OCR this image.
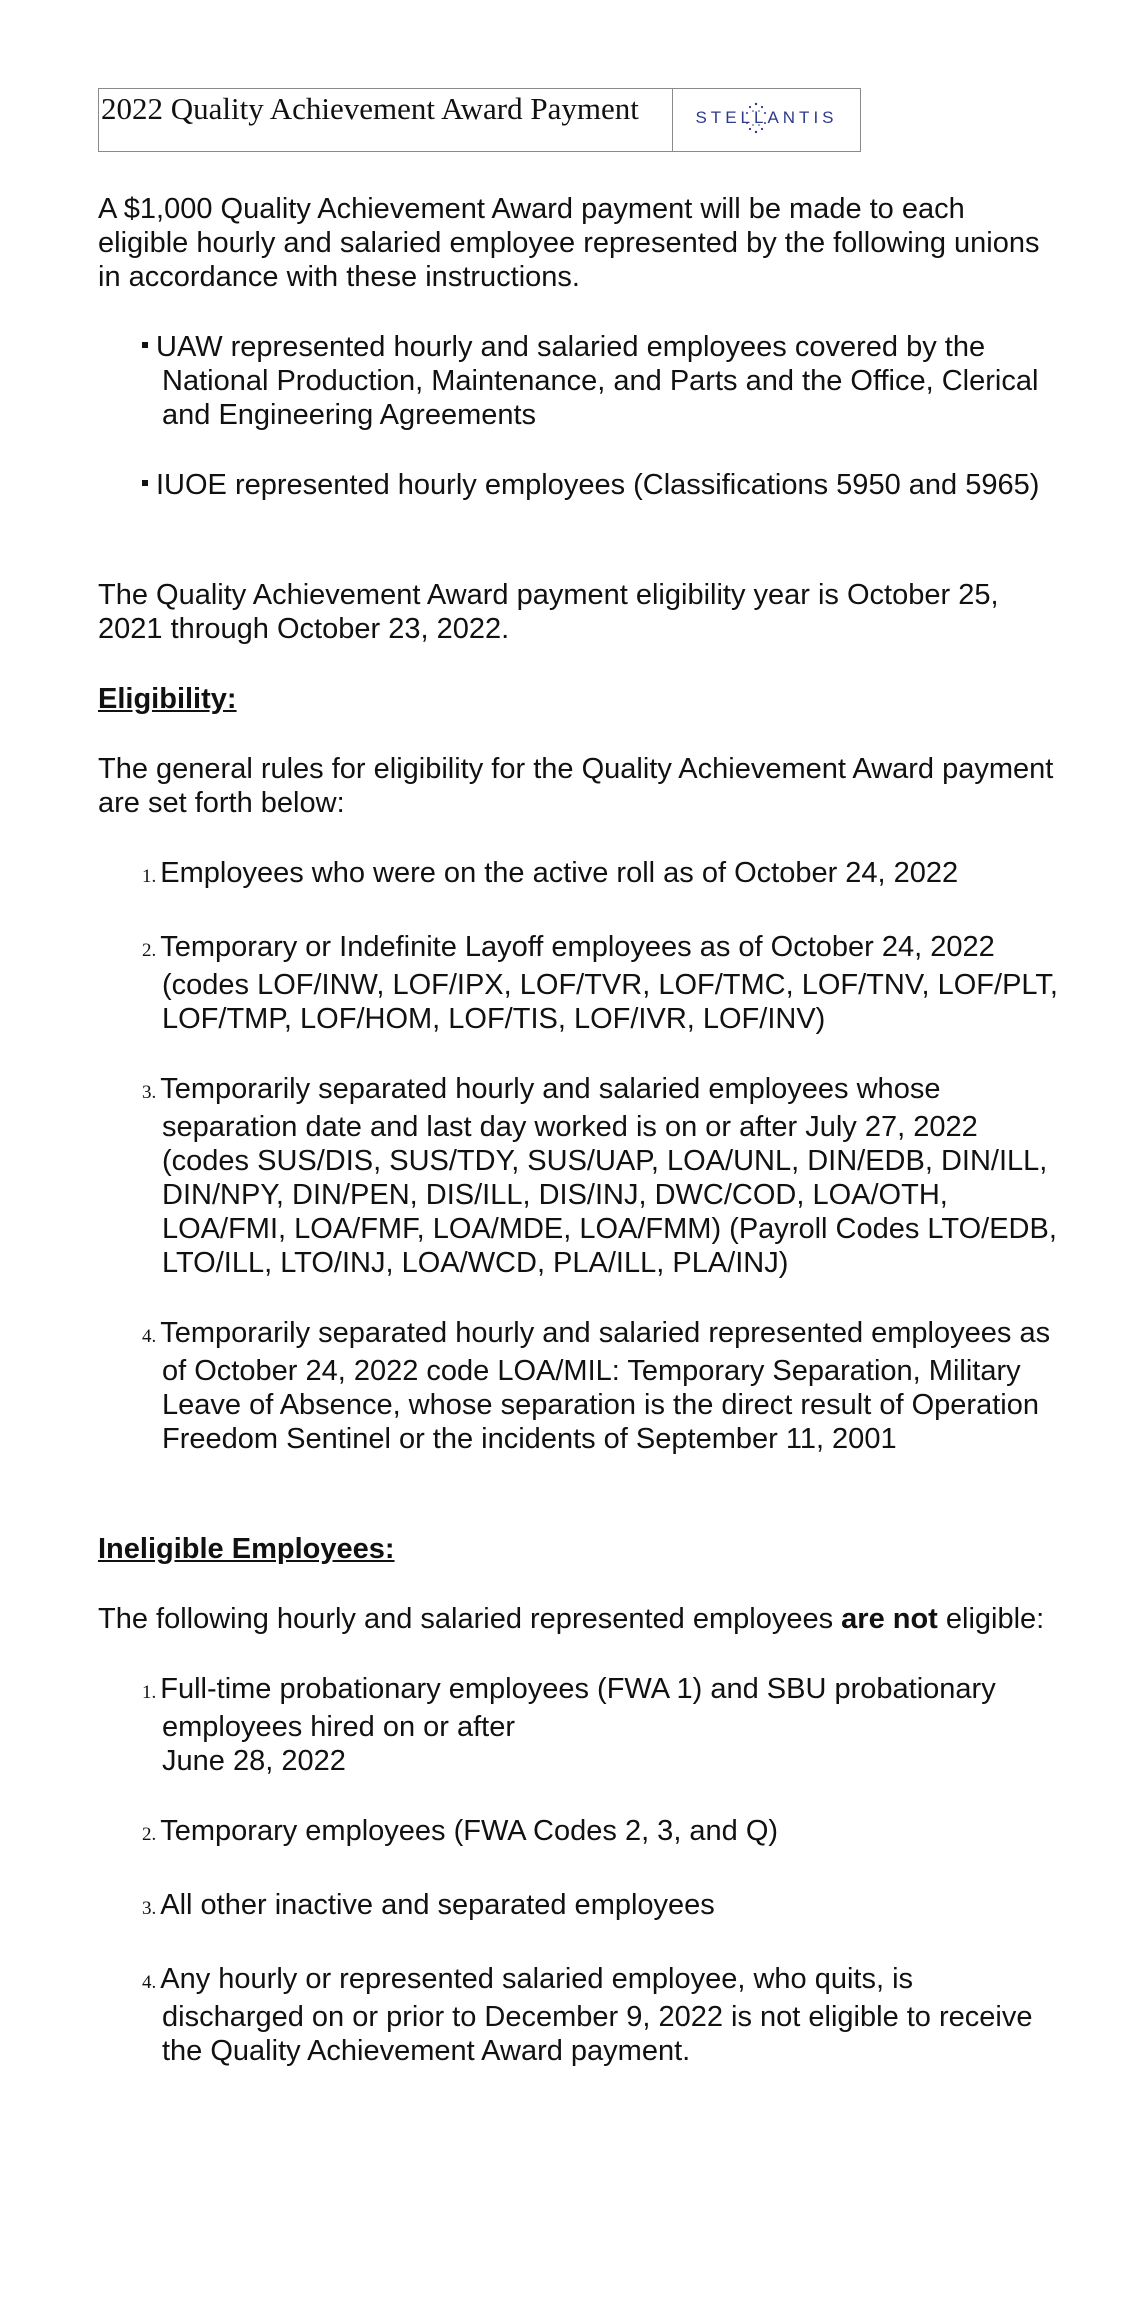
2022 Quality Achievement Award Payment	STELLANTIS

A $1,000 Quality Achievement Award payment will be made to each eligible hourly and salaried employee represented by the following unions in accordance with these instructions.

UAW represented hourly and salaried employees covered by the National Production, Maintenance, and Parts and the Office, Clerical and Engineering Agreements
IUOE represented hourly employees (Classifications 5950 and 5965)

The Quality Achievement Award payment eligibility year is October 25, 2021 through October 23, 2022.

Eligibility:

The general rules for eligibility for the Quality Achievement Award payment are set forth below:

1. Employees who were on the active roll as of October 24, 2022
2. Temporary or Indefinite Layoff employees as of October 24, 2022 (codes LOF/INW, LOF/IPX, LOF/TVR, LOF/TMC, LOF/TNV, LOF/PLT, LOF/TMP, LOF/HOM, LOF/TIS, LOF/IVR, LOF/INV)
3. Temporarily separated hourly and salaried employees whose separation date and last day worked is on or after July 27, 2022 (codes SUS/DIS, SUS/TDY, SUS/UAP, LOA/UNL, DIN/EDB, DIN/ILL, DIN/NPY, DIN/PEN, DIS/ILL, DIS/INJ, DWC/COD, LOA/OTH, LOA/FMI, LOA/FMF, LOA/MDE, LOA/FMM) (Payroll Codes LTO/EDB, LTO/ILL, LTO/INJ, LOA/WCD, PLA/ILL, PLA/INJ)
4. Temporarily separated hourly and salaried represented employees as of October 24, 2022 code LOA/MIL: Temporary Separation, Military Leave of Absence, whose separation is the direct result of Operation Freedom Sentinel or the incidents of September 11, 2001

Ineligible Employees:

The following hourly and salaried represented employees are not eligible:

1. Full-time probationary employees (FWA 1) and SBU probationary employees hired on or after
June 28, 2022
2. Temporary employees (FWA Codes 2, 3, and Q)
3. All other inactive and separated employees
4. Any hourly or represented salaried employee, who quits, is discharged on or prior to December 9, 2022 is not eligible to receive the Quality Achievement Award payment.
